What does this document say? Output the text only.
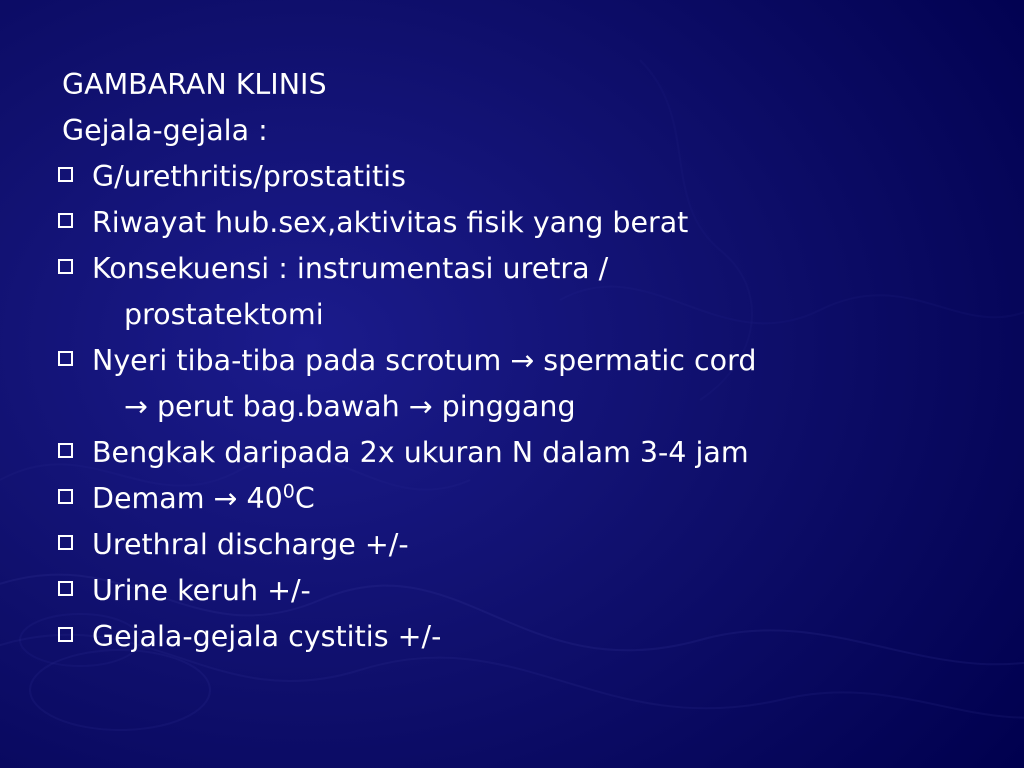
GAMBARAN KLINIS
Gejala-gejala :
G/urethritis/prostatitis
Riwayat hub.sex,aktivitas fisik yang berat
Konsekuensi : instrumentasi uretra /
prostatektomi
Nyeri tiba-tiba pada scrotum → spermatic cord
→ perut bag.bawah → pinggang
Bengkak daripada 2x ukuran N dalam 3-4 jam
Demam → $40^0C$
Urethral discharge +/-
Urine keruh +/-
Gejala-gejala cystitis +/-
